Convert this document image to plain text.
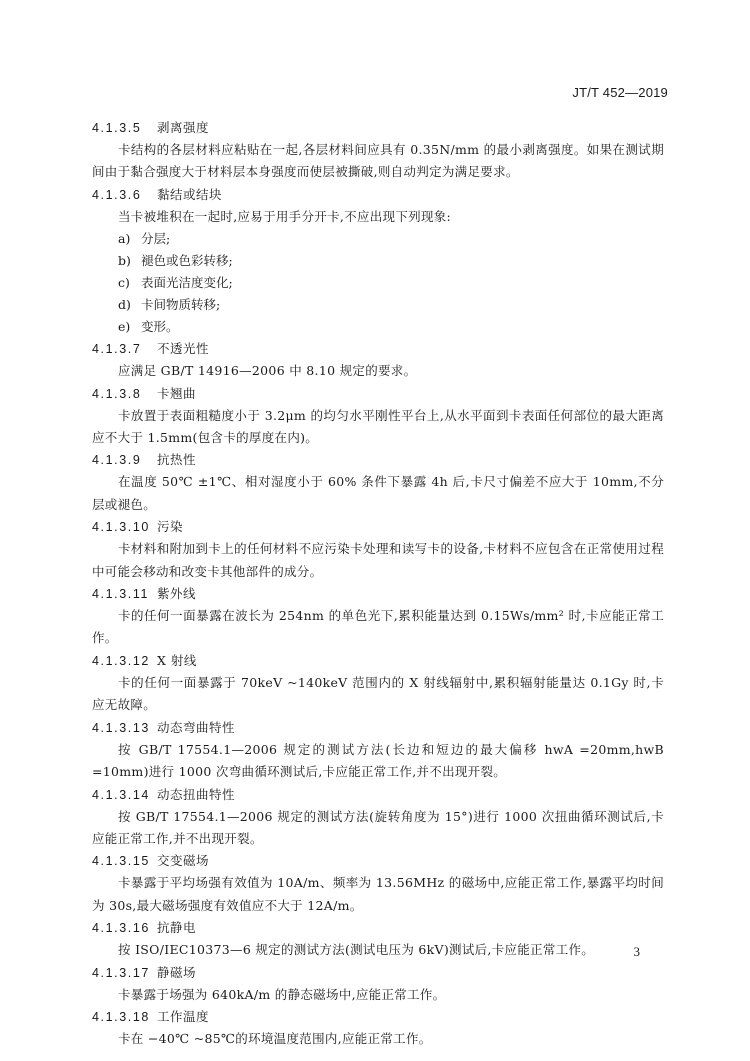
JT/T 452—2019
4.1.3.5 剥离强度
卡结构的各层材料应粘贴在一起,各层材料间应具有 0.35N/mm 的最小剥离强度。如果在测试期间由于黏合强度大于材料层本身强度而使层被撕破,则自动判定为满足要求。
4.1.3.6 黏结或结块
当卡被堆积在一起时,应易于用手分开卡,不应出现下列现象:
a) 分层;
b) 褪色或色彩转移;
c) 表面光洁度变化;
d) 卡间物质转移;
e) 变形。
4.1.3.7 不透光性
应满足 GB/T 14916—2006 中 8.10 规定的要求。
4.1.3.8 卡翘曲
卡放置于表面粗糙度小于 3.2μm 的均匀水平刚性平台上,从水平面到卡表面任何部位的最大距离应不大于 1.5mm(包含卡的厚度在内)。
4.1.3.9 抗热性
在温度 50℃ ±1℃、相对湿度小于 60% 条件下暴露 4h 后,卡尺寸偏差不应大于 10mm,不分层或褪色。
4.1.3.10 污染
卡材料和附加到卡上的任何材料不应污染卡处理和读写卡的设备,卡材料不应包含在正常使用过程中可能会移动和改变卡其他部件的成分。
4.1.3.11 紫外线
卡的任何一面暴露在波长为 254nm 的单色光下,累积能量达到 0.15Ws/mm² 时,卡应能正常工作。
4.1.3.12 X 射线
卡的任何一面暴露于 70keV ~140keV 范围内的 X 射线辐射中,累积辐射能量达 0.1Gy 时,卡应无故障。
4.1.3.13 动态弯曲特性
按 GB/T 17554.1—2006 规定的测试方法(长边和短边的最大偏移 hwA =20mm,hwB =10mm)进行 1000 次弯曲循环测试后,卡应能正常工作,并不出现开裂。
4.1.3.14 动态扭曲特性
按 GB/T 17554.1—2006 规定的测试方法(旋转角度为 15°)进行 1000 次扭曲循环测试后,卡应能正常工作,并不出现开裂。
4.1.3.15 交变磁场
卡暴露于平均场强有效值为 10A/m、频率为 13.56MHz 的磁场中,应能正常工作,暴露平均时间为 30s,最大磁场强度有效值应不大于 12A/m。
4.1.3.16 抗静电
按 ISO/IEC10373—6 规定的测试方法(测试电压为 6kV)测试后,卡应能正常工作。
4.1.3.17 静磁场
卡暴露于场强为 640kA/m 的静态磁场中,应能正常工作。
4.1.3.18 工作温度
卡在 −40℃ ~85℃的环境温度范围内,应能正常工作。
3
